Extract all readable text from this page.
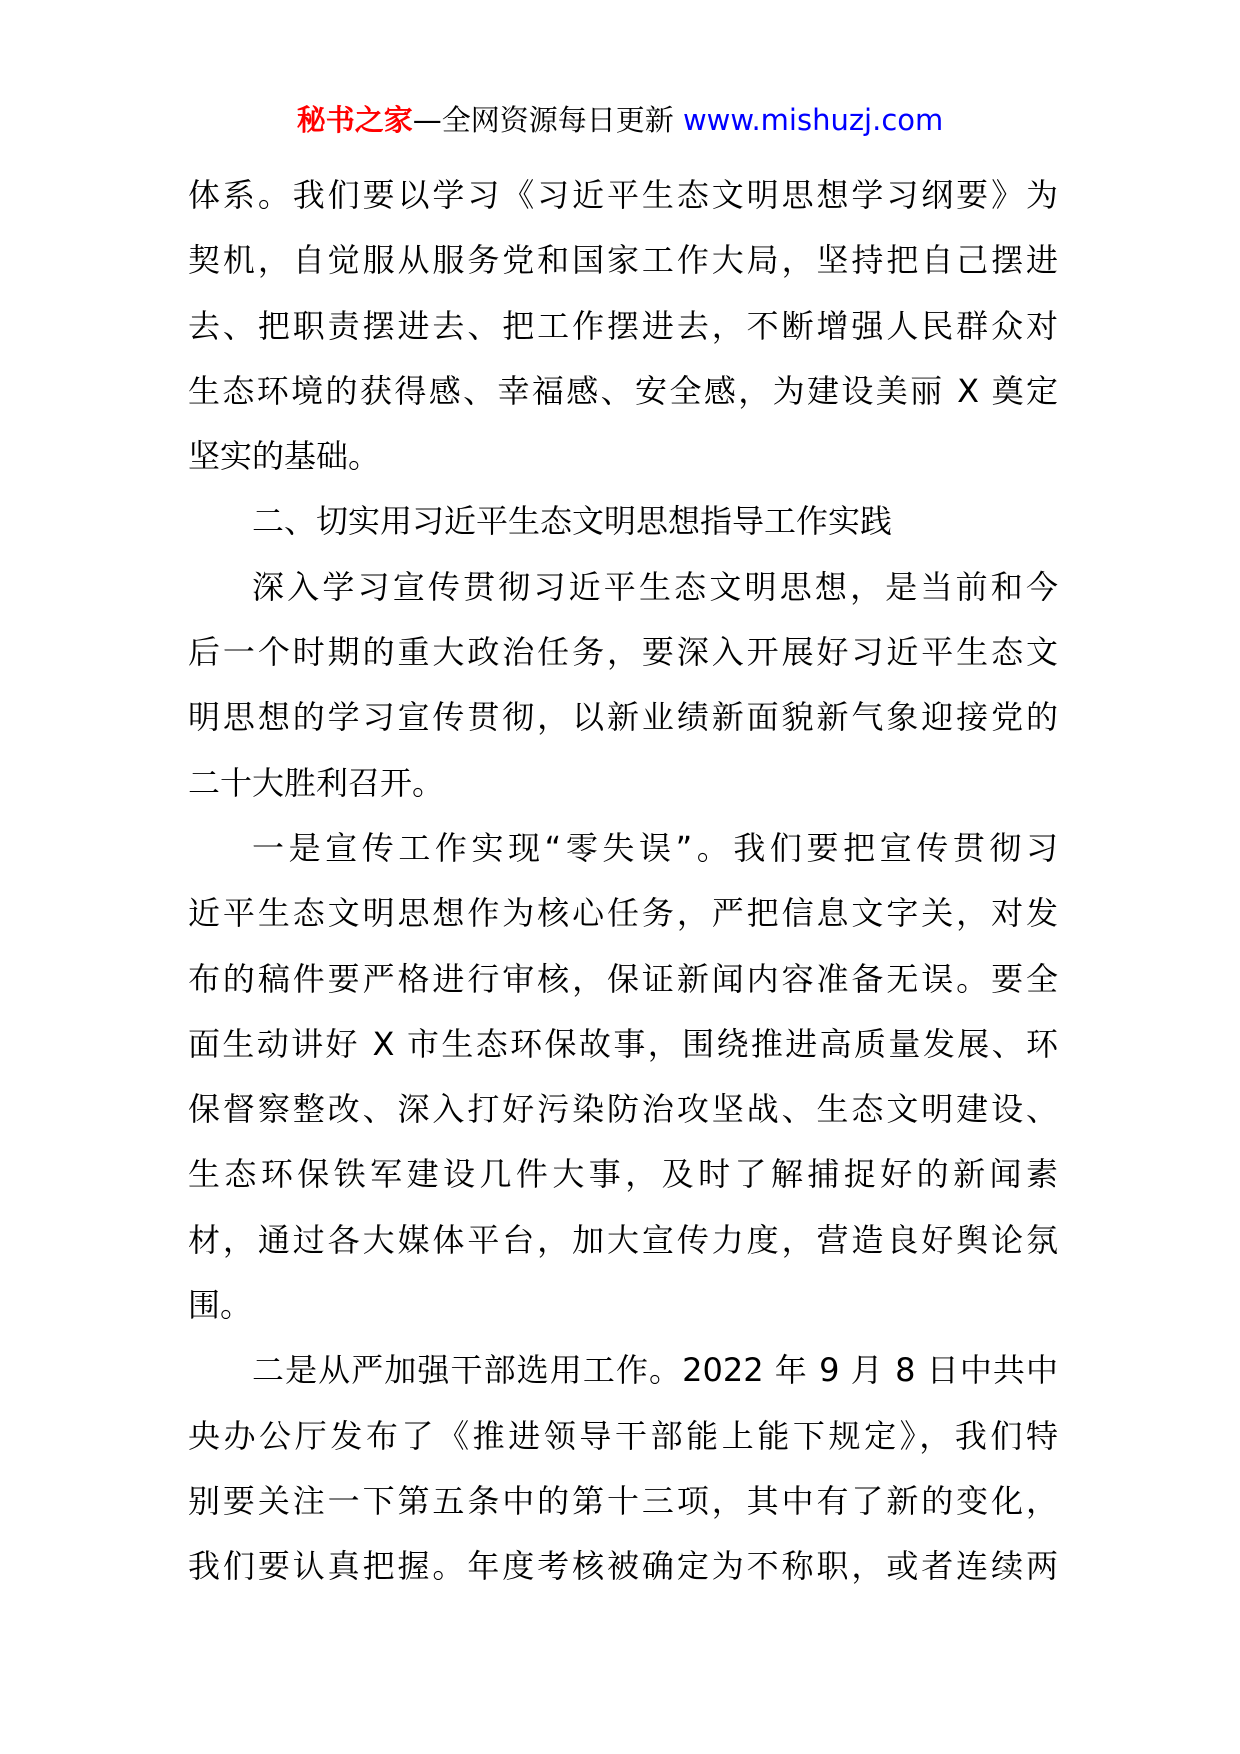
秘书之家—全网资源每日更新 www.mishuzj.com
体系。我们要以学习《习近平生态文明思想学习纲要》为
契机，自觉服从服务党和国家工作大局，坚持把自己摆进
去、把职责摆进去、把工作摆进去，不断增强人民群众对
生态环境的获得感、幸福感、安全感，为建设美丽 X 奠定
坚实的基础。
二、切实用习近平生态文明思想指导工作实践
深入学习宣传贯彻习近平生态文明思想，是当前和今
后一个时期的重大政治任务，要深入开展好习近平生态文
明思想的学习宣传贯彻，以新业绩新面貌新气象迎接党的
二十大胜利召开。
一是宣传工作实现“零失误”。我们要把宣传贯彻习
近平生态文明思想作为核心任务，严把信息文字关，对发
布的稿件要严格进行审核，保证新闻内容准备无误。要全
面生动讲好 X 市生态环保故事，围绕推进高质量发展、环
保督察整改、深入打好污染防治攻坚战、生态文明建设、
生态环保铁军建设几件大事，及时了解捕捉好的新闻素
材，通过各大媒体平台，加大宣传力度，营造良好舆论氛
围。
二是从严加强干部选用工作。2022 年 9 月 8 日中共中
央办公厅发布了《推进领导干部能上能下规定》，我们特
别要关注一下第五条中的第十三项，其中有了新的变化，
我们要认真把握。年度考核被确定为不称职，或者连续两
